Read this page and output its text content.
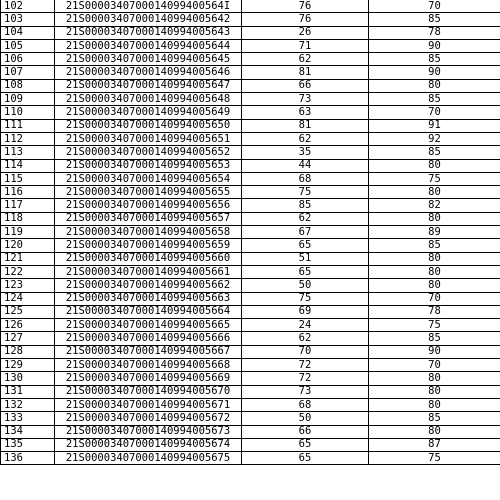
102	21S0000340700014099400564I	76	70
103	21S00003407000140994005642	76	85
104	21S00003407000140994005643	26	78
105	21S00003407000140994005644	71	90
106	21S00003407000140994005645	62	85
107	21S00003407000140994005646	81	90
108	21S00003407000140994005647	66	80
109	21S00003407000140994005648	73	85
110	21S00003407000140994005649	63	70
111	21S00003407000140994005650	81	91
112	21S00003407000140994005651	62	92
113	21S00003407000140994005652	35	85
114	21S00003407000140994005653	44	80
115	21S00003407000140994005654	68	75
116	21S00003407000140994005655	75	80
117	21S00003407000140994005656	85	82
118	21S00003407000140994005657	62	80
119	21S00003407000140994005658	67	89
120	21S00003407000140994005659	65	85
121	21S00003407000140994005660	51	80
122	21S00003407000140994005661	65	80
123	21S00003407000140994005662	50	80
124	21S00003407000140994005663	75	70
125	21S00003407000140994005664	69	78
126	21S00003407000140994005665	24	75
127	21S00003407000140994005666	62	85
128	21S00003407000140994005667	70	90
129	21S00003407000140994005668	72	70
130	21S00003407000140994005669	72	80
131	21S00003407000140994005670	73	80
132	21S00003407000140994005671	68	80
133	21S00003407000140994005672	50	85
134	21S00003407000140994005673	66	80
135	21S00003407000140994005674	65	87
136	21S00003407000140994005675	65	75
